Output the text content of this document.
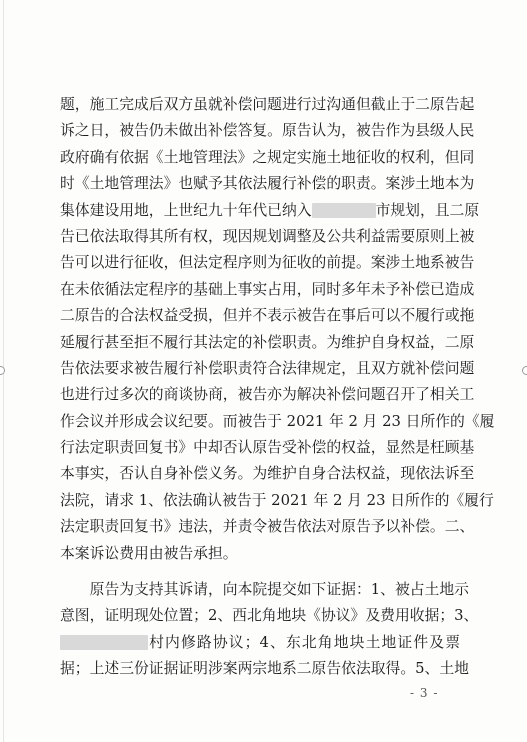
题，施工完成后双方虽就补偿问题进行过沟通但截止于二原告起
诉之日，被告仍未做出补偿答复。原告认为，被告作为县级人民
政府确有依据《土地管理法》之规定实施土地征收的权利，但同
时《土地管理法》也赋予其依法履行补偿的职责。案涉土地本为
集体建设用地，上世纪九十年代已纳入	市规划，且二原
告已依法取得其所有权，现因规划调整及公共利益需要原则上被
告可以进行征收，但法定程序则为征收的前提。案涉土地系被告
在未依循法定程序的基础上事实占用，同时多年未予补偿已造成
二原告的合法权益受损，但并不表示被告在事后可以不履行或拖
延履行甚至拒不履行其法定的补偿职责。为维护自身权益，二原
告依法要求被告履行补偿职责符合法律规定，且双方就补偿问题
也进行过多次的商谈协商，被告亦为解决补偿问题召开了相关工
作会议并形成会议纪要。而被告于 2021 年 2 月 23 日所作的《履
行法定职责回复书》中却否认原告受补偿的权益，显然是枉顾基
本事实，否认自身补偿义务。为维护自身合法权益，现依法诉至
法院，请求 1、依法确认被告于 2021 年 2 月 23 日所作的《履行
法定职责回复书》违法，并责令被告依法对原告予以补偿。二、
本案诉讼费用由被告承担。
原告为支持其诉请，向本院提交如下证据：1、被占土地示
意图，证明现处位置；2、西北角地块《协议》及费用收据；3、
村内修路协议；4、东北角地块土地证件及票
据；上述三份证据证明涉案两宗地系二原告依法取得。5、土地
- 3 -
